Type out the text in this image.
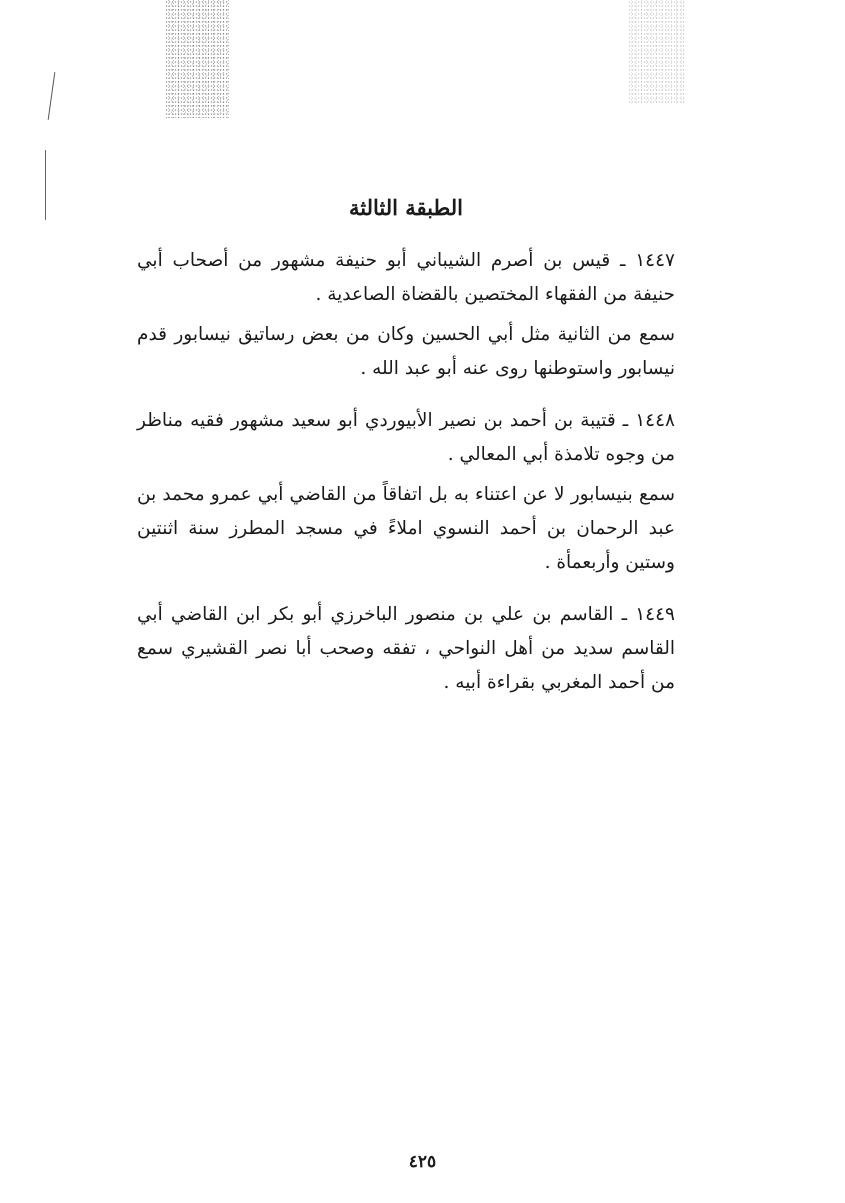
الطبقة الثالثة

١٤٤٧ ـ قيس بن أصرم الشيباني أبو حنيفة مشهور من أصحاب أبي حنيفة من الفقهاء المختصين بالقضاة الصاعدية .

سمع من الثانية مثل أبي الحسين وكان من بعض رساتيق نيسابور قدم نيسابور واستوطنها روى عنه أبو عبد الله .

١٤٤٨ ـ قتيبة بن أحمد بن نصير الأبيوردي أبو سعيد مشهور فقيه مناظر من وجوه تلامذة أبي المعالي .

سمع بنيسابور لا عن اعتناء به بل اتفاقاً من القاضي أبي عمرو محمد بن عبد الرحمان بن أحمد النسوي املاءً في مسجد المطرز سنة اثنتين وستين وأربعمأة .

١٤٤٩ ـ القاسم بن علي بن منصور الباخرزي أبو بكر ابن القاضي أبي القاسم سديد من أهل النواحي ، تفقه وصحب أبا نصر القشيري سمع من أحمد المغربي بقراءة أبيه .

٤٢٥
